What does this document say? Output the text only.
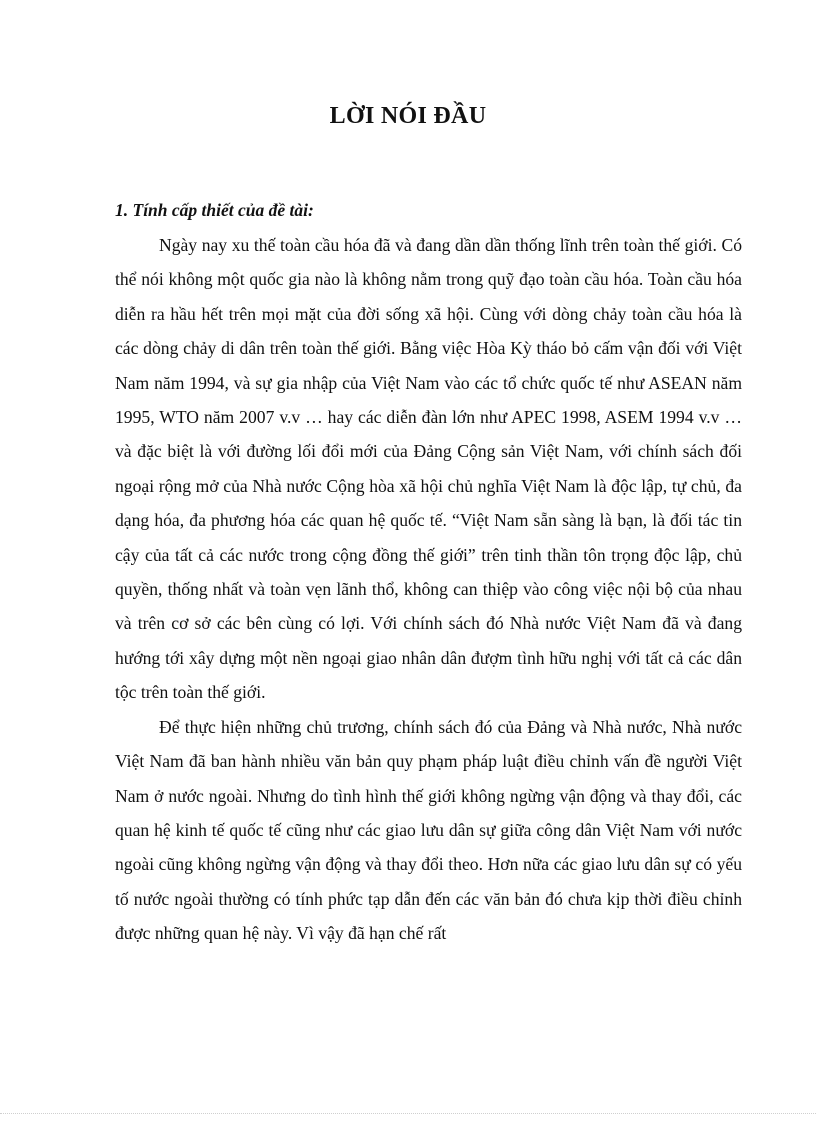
LỜI NÓI ĐẦU
1. Tính cấp thiết của đề tài:

Ngày nay xu thế toàn cầu hóa đã và đang dần dần thống lĩnh trên toàn thế giới. Có thể nói không một quốc gia nào là không nằm trong quỹ đạo toàn cầu hóa. Toàn cầu hóa diễn ra hầu hết trên mọi mặt của đời sống xã hội. Cùng với dòng chảy toàn cầu hóa là các dòng chảy di dân trên toàn thế giới. Bằng việc Hòa Kỳ tháo bỏ cấm vận đối với Việt Nam năm 1994, và sự gia nhập của Việt Nam vào các tổ chức quốc tế như ASEAN năm 1995, WTO năm 2007 v.v … hay các diễn đàn lớn như APEC 1998, ASEM 1994 v.v … và đặc biệt là với đường lối đổi mới của Đảng Cộng sản Việt Nam, với chính sách đối ngoại rộng mở của Nhà nước Cộng hòa xã hội chủ nghĩa Việt Nam là độc lập, tự chủ, đa dạng hóa, đa phương hóa các quan hệ quốc tế. “Việt Nam sẵn sàng là bạn, là đối tác tin cậy của tất cả các nước trong cộng đồng thế giới” trên tinh thần tôn trọng độc lập, chủ quyền, thống nhất và toàn vẹn lãnh thổ, không can thiệp vào công việc nội bộ của nhau và trên cơ sở các bên cùng có lợi. Với chính sách đó Nhà nước Việt Nam đã và đang hướng tới xây dựng một nền ngoại giao nhân dân đượm tình hữu nghị với tất cả các dân tộc trên toàn thế giới.

Để thực hiện những chủ trương, chính sách đó của Đảng và Nhà nước, Nhà nước Việt Nam đã ban hành nhiều văn bản quy phạm pháp luật điều chỉnh vấn đề người Việt Nam ở nước ngoài. Nhưng do tình hình thế giới không ngừng vận động và thay đổi, các quan hệ kinh tế quốc tế cũng như các giao lưu dân sự giữa công dân Việt Nam với nước ngoài cũng không ngừng vận động và thay đổi theo. Hơn nữa các giao lưu dân sự có yếu tố nước ngoài thường có tính phức tạp dẫn đến các văn bản đó chưa kịp thời điều chỉnh được những quan hệ này. Vì vậy đã hạn chế rất
